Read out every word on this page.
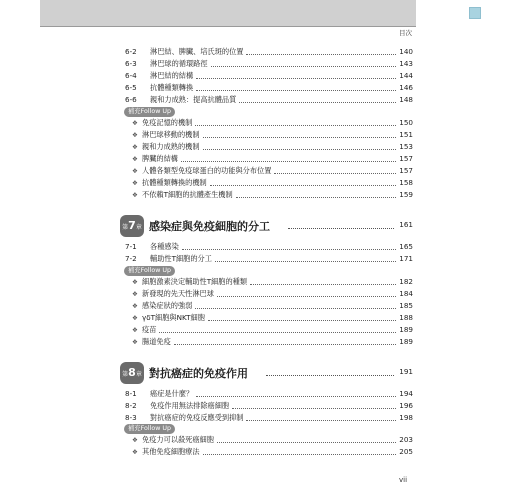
目次
6-2	淋巴結、脾臟、培氏斑的位置	140
6-3	淋巴球的循環路徑	143
6-4	淋巴結的結構	144
6-5	抗體種類轉換	146
6-6	親和力成熟：提高抗體品質	148
補充Follow Up
❖ 免疫記憶的機制	150
❖ 淋巴球移動的機制	151
❖ 親和力成熟的機制	153
❖ 脾臟的結構	157
❖ 人體各類型免疫球蛋白的功能與分布位置	157
❖ 抗體種類轉換的機制	158
❖ 不依賴T細胞的抗體產生機制	159
第7章 感染症與免疫細胞的分工	161
7-1	各種感染	165
7-2	輔助性T細胞的分工	171
補充Follow Up
❖ 細胞激素決定輔助性T細胞的種類	182
❖ 新發現的先天性淋巴球	184
❖ 感染症狀的強弱	185
❖ γδT細胞與NKT細胞	188
❖ 疫苗	189
❖ 腸道免疫	189
第8章 對抗癌症的免疫作用	191
8-1	癌症是什麼？	194
8-2	免疫作用無法排除癌細胞	196
8-3	對抗癌症的免疫反應受到抑制	198
補充Follow Up
❖ 免疫力可以殺死癌細胞	203
❖ 其他免疫細胞療法	205
vii
